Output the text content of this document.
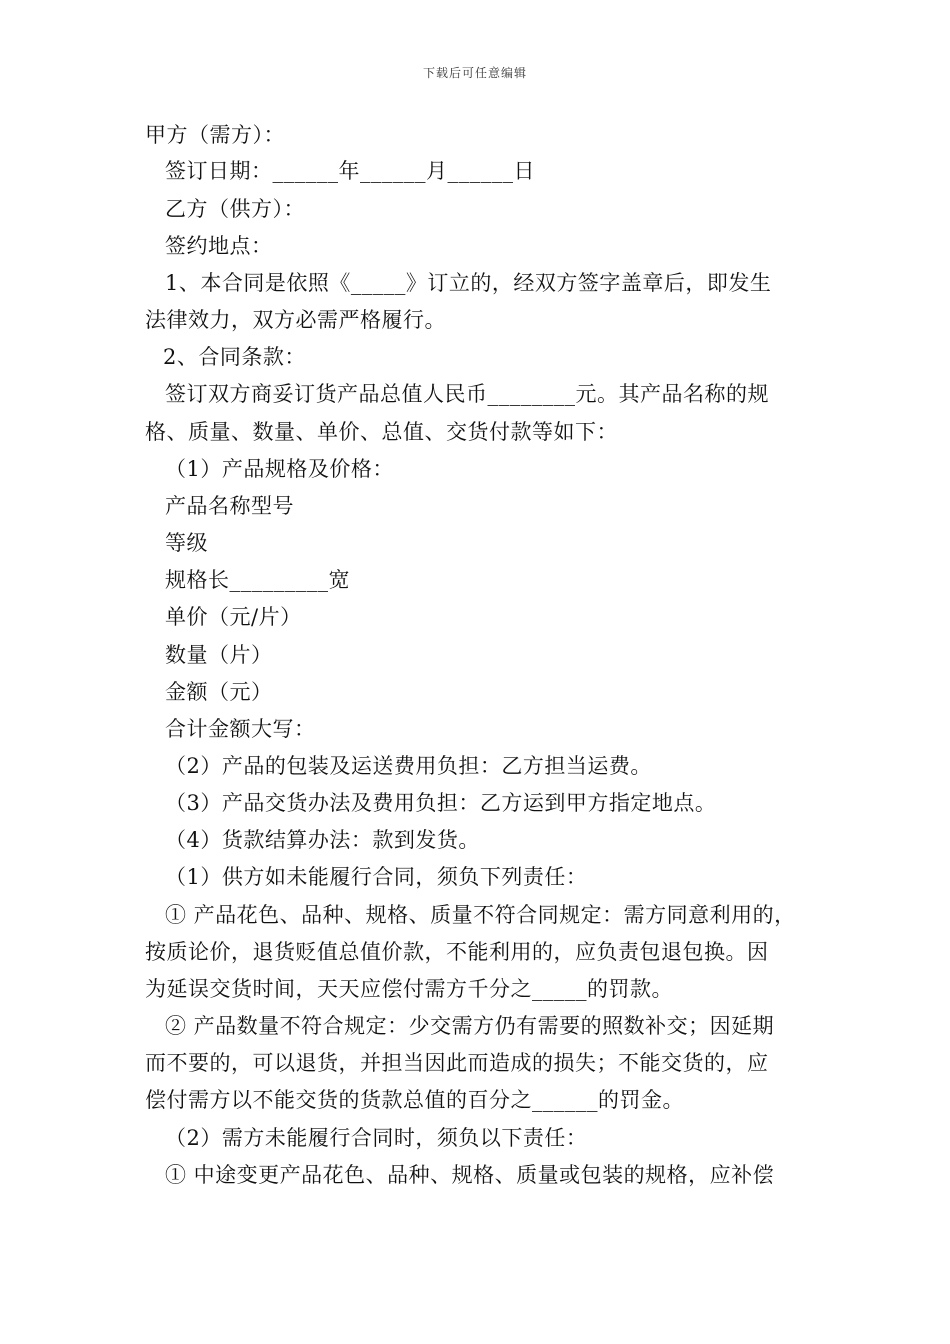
下载后可任意编辑
甲方（需方）：
签订日期：______年______月______日
乙方（供方）：
签约地点：
1、本合同是依照《_____》订立的，经双方签字盖章后，即发生
法律效力，双方必需严格履行。
2、合同条款：
签订双方商妥订货产品总值人民币________元。其产品名称的规
格、质量、数量、单价、总值、交货付款等如下：
（1）产品规格及价格：
产品名称型号
等级
规格长_________宽
单价（元/片）
数量（片）
金额（元）
合计金额大写：
（2）产品的包装及运送费用负担：乙方担当运费。
（3）产品交货办法及费用负担：乙方运到甲方指定地点。
（4）货款结算办法：款到发货。
（1）供方如未能履行合同，须负下列责任：
① 产品花色、品种、规格、质量不符合同规定：需方同意利用的，
按质论价，退货贬值总值价款，不能利用的，应负责包退包换。因
为延误交货时间，天天应偿付需方千分之_____的罚款。
② 产品数量不符合规定：少交需方仍有需要的照数补交；因延期
而不要的，可以退货，并担当因此而造成的损失；不能交货的，应
偿付需方以不能交货的货款总值的百分之______的罚金。
（2）需方未能履行合同时，须负以下责任：
① 中途变更产品花色、品种、规格、质量或包装的规格，应补偿
